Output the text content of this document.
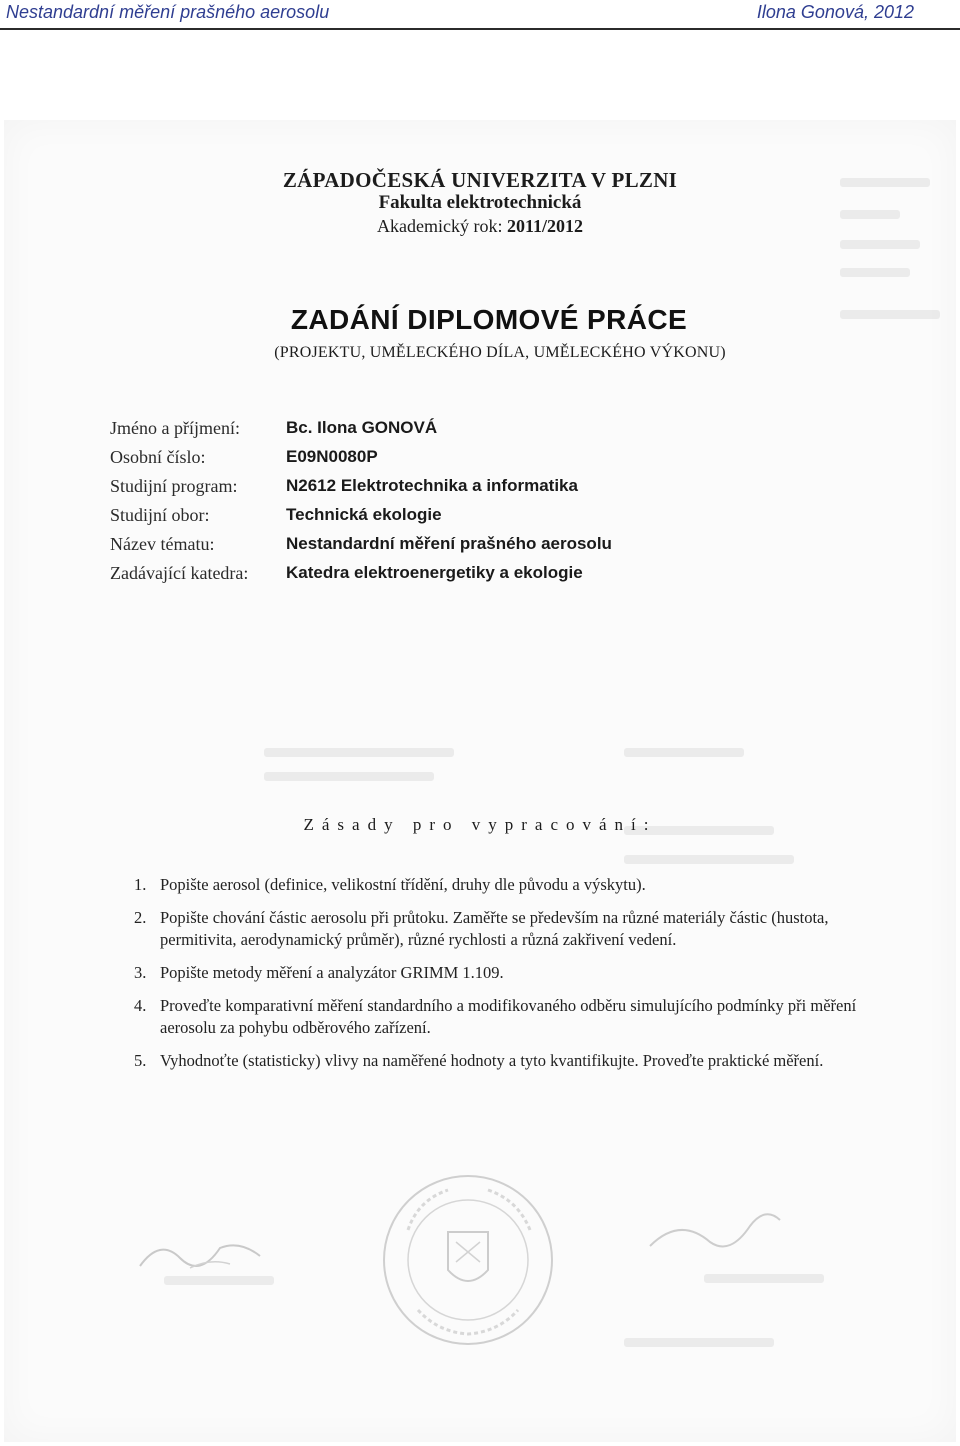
Nestandardní měření prašného aerosolu	Ilona Gonová, 2012
ZÁPADOČESKÁ UNIVERZITA V PLZNI
Fakulta elektrotechnická
Akademický rok: 2011/2012
ZADÁNÍ DIPLOMOVÉ PRÁCE
(PROJEKTU, UMĚLECKÉHO DÍLA, UMĚLECKÉHO VÝKONU)
Jméno a příjmení:	Bc. Ilona GONOVÁ
Osobní číslo:	E09N0080P
Studijní program:	N2612 Elektrotechnika a informatika
Studijní obor:	Technická ekologie
Název tématu:	Nestandardní měření prašného aerosolu
Zadávající katedra: Katedra elektroenergetiky a ekologie
Zásady pro vypracování:
1. Popište aerosol (definice, velikostní třídění, druhy dle původu a výskytu).
2. Popište chování částic aerosolu při průtoku. Zaměřte se především na různé materiály částic (hustota, permitivita, aerodynamický průměr), různé rychlosti a různá zakřivení vedení.
3. Popište metody měření a analyzátor GRIMM 1.109.
4. Proveďte komparativní měření standardního a modifikovaného odběru simulujícího podmínky při měření aerosolu za pohybu odběrového zařízení.
5. Vyhodnoťte (statisticky) vlivy na naměřené hodnoty a tyto kvantifikujte. Proveďte praktické měření.
